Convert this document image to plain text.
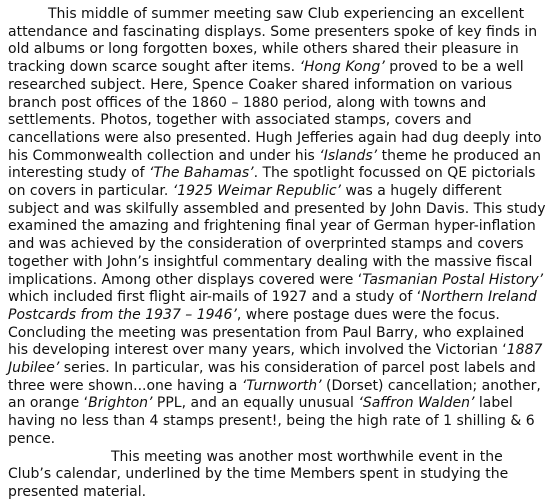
This middle of summer meeting saw Club experiencing an excellent attendance and fascinating displays. Some presenters spoke of key finds in old albums or long forgotten boxes, while others shared their pleasure in tracking down scarce sought after items. ‘Hong Kong’ proved to be a well researched subject. Here, Spence Coaker shared information on various branch post offices of the 1860 – 1880 period, along with towns and settlements. Photos, together with associated stamps, covers and cancellations were also presented. Hugh Jefferies again had dug deeply into his Commonwealth collection and under his ‘Islands’ theme he produced an interesting study of ‘The Bahamas’. The spotlight focussed on QE pictorials on covers in particular. ‘1925 Weimar Republic’ was a hugely different subject and was skilfully assembled and presented by John Davis. This study examined the amazing and frightening final year of German hyper-inflation and was achieved by the consideration of overprinted stamps and covers together with John’s insightful commentary dealing with the massive fiscal implications. Among other displays covered were ‘Tasmanian Postal History’ which included first flight air-mails of 1927 and a study of ‘Northern Ireland Postcards from the 1937 – 1946’, where postage dues were the focus. Concluding the meeting was presentation from Paul Barry, who explained his developing interest over many years, which involved the Victorian ‘1887 Jubilee’ series. In particular, was his consideration of parcel post labels and three were shown...one having a ‘Turnworth’ (Dorset) cancellation; another, an orange ‘Brighton’ PPL, and an equally unusual ‘Saffron Walden’ label having no less than 4 stamps present!, being the high rate of 1 shilling & 6 pence.

This meeting was another most worthwhile event in the Club’s calendar, underlined by the time Members spent in studying the presented material.
